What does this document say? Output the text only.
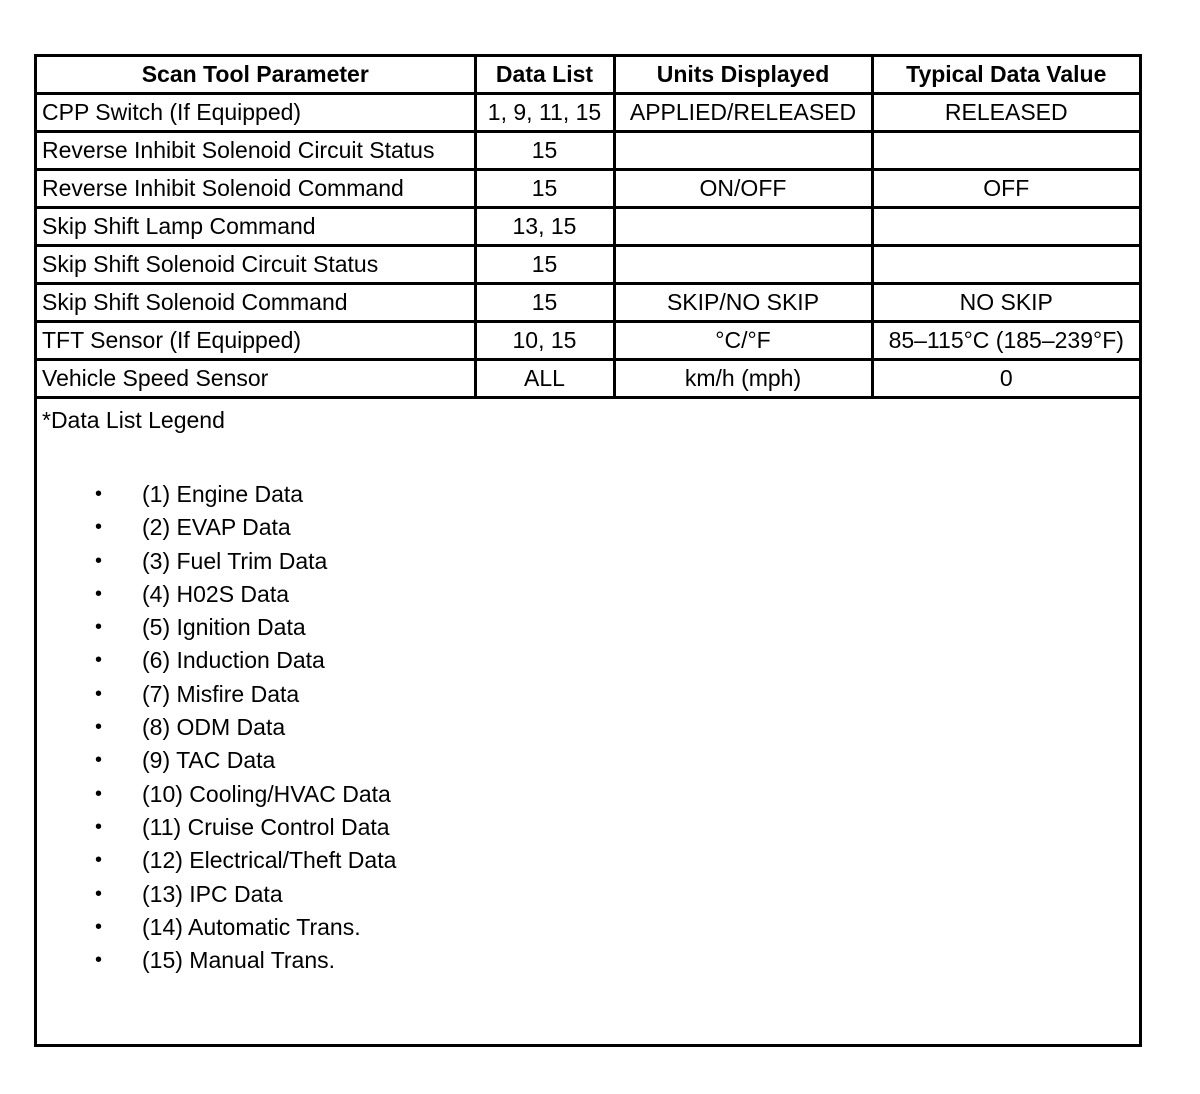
Scan Tool Parameter	Data List	Units Displayed	Typical Data Value
CPP Switch (If Equipped)	1, 9, 11, 15	APPLIED/RELEASED	RELEASED
Reverse Inhibit Solenoid Circuit Status	15		
Reverse Inhibit Solenoid Command	15	ON/OFF	OFF
Skip Shift Lamp Command	13, 15		
Skip Shift Solenoid Circuit Status	15		
Skip Shift Solenoid Command	15	SKIP/NO SKIP	NO SKIP
TFT Sensor (If Equipped)	10, 15	°C/°F	85–115°C (185–239°F)
Vehicle Speed Sensor	ALL	km/h (mph)	0
*Data List Legend
• (1) Engine Data
• (2) EVAP Data
• (3) Fuel Trim Data
• (4) H02S Data
• (5) Ignition Data
• (6) Induction Data
• (7) Misfire Data
• (8) ODM Data
• (9) TAC Data
• (10) Cooling/HVAC Data
• (11) Cruise Control Data
• (12) Electrical/Theft Data
• (13) IPC Data
• (14) Automatic Trans.
• (15) Manual Trans.
